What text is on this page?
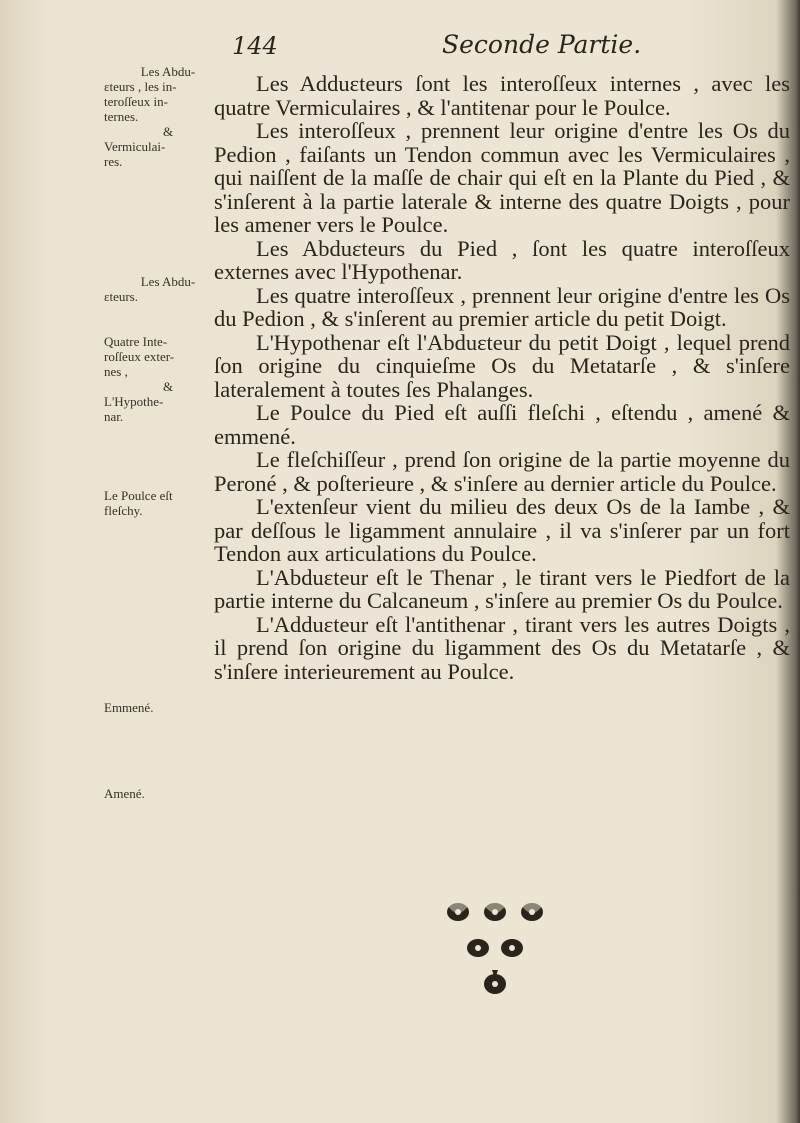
144	Seconde Partie.
Les Abdu-
ɛteurs , les in-
teroſſeux in-
ternes.
&
Vermiculai-
res.
Les Abdu-
ɛteurs.
Quatre Inte-
roſſeux exter-
nes ,
&
L'Hypothe-
nar.
Le Poulce eſt
fleſchy.
Emmené.
Amené.

Les Adduɛteurs ſont les interoſſeux internes , avec les quatre Vermiculaires , & l'antitenar pour le Poulce.

Les interoſſeux , prennent leur origine d'entre les Os du Pedion , faiſants un Tendon commun avec les Vermiculaires , qui naiſſent de la maſſe de chair qui eſt en la Plante du Pied , & s'inſerent à la partie laterale & interne des quatre Doigts , pour les amener vers le Poulce.

Les Abduɛteurs du Pied , ſont les quatre interoſſeux externes avec l'Hypothenar.

Les quatre interoſſeux , prennent leur origine d'entre les Os du Pedion , & s'inſerent au premier article du petit Doigt.

L'Hypothenar eſt l'Abduɛteur du petit Doigt , lequel prend ſon origine du cinquieſme Os du Metatarſe , & s'inſere lateralement à toutes ſes Phalanges.

Le Poulce du Pied eſt auſſi fleſchi , eſtendu , amené & emmené.

Le fleſchiſſeur , prend ſon origine de la partie moyenne du Peroné , & poſterieure , & s'inſere au dernier article du Poulce.

L'extenſeur vient du milieu des deux Os de la Iambe , & par deſſous le ligamment annulaire , il va s'inſerer par un fort Tendon aux articulations du Poulce.

L'Abduɛteur eſt le Thenar , le tirant vers le Piedfort de la partie interne du Calcaneum , s'inſere au premier Os du Poulce.

L'Adduɛteur eſt l'antithenar , tirant vers les autres Doigts , il prend ſon origine du ligamment des Os du Metatarſe , & s'inſere interieurement au Poulce.
